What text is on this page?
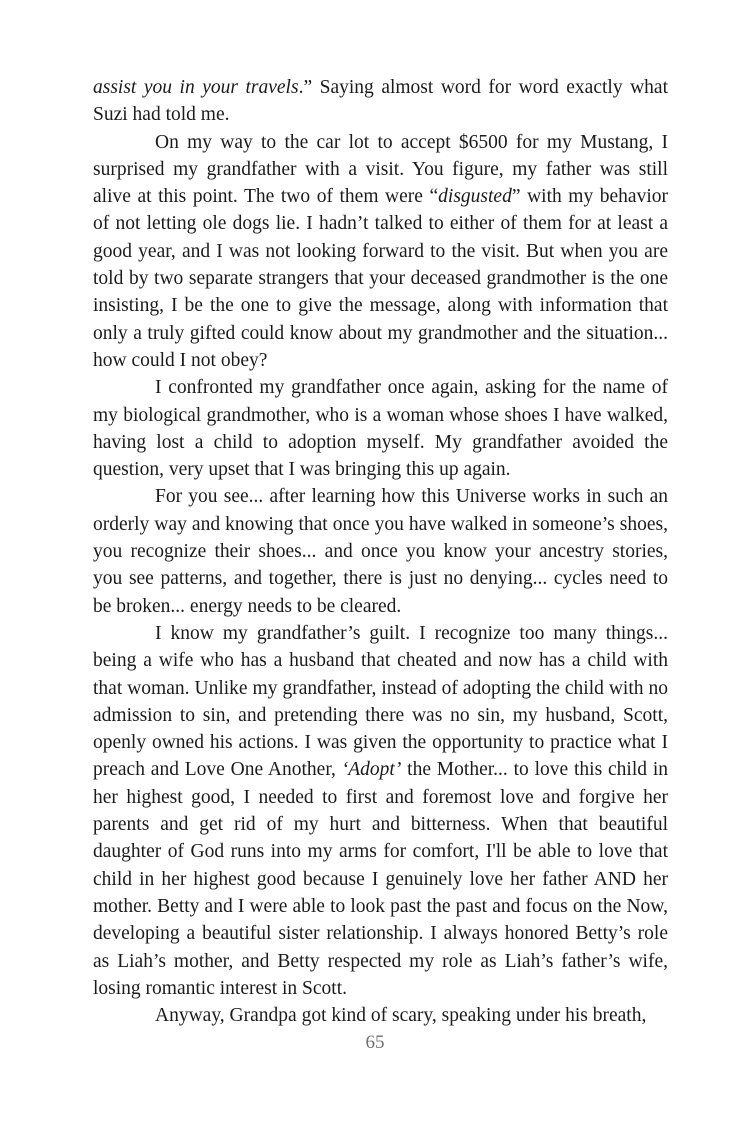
assist you in your travels.” Saying almost word for word exactly what Suzi had told me.

On my way to the car lot to accept $6500 for my Mustang, I surprised my grandfather with a visit. You figure, my father was still alive at this point. The two of them were “disgusted” with my behavior of not letting ole dogs lie. I hadn’t talked to either of them for at least a good year, and I was not looking forward to the visit. But when you are told by two separate strangers that your deceased grandmother is the one insisting, I be the one to give the message, along with information that only a truly gifted could know about my grandmother and the situation... how could I not obey?

I confronted my grandfather once again, asking for the name of my biological grandmother, who is a woman whose shoes I have walked, having lost a child to adoption myself. My grandfather avoided the question, very upset that I was bringing this up again.

For you see... after learning how this Universe works in such an orderly way and knowing that once you have walked in someone’s shoes, you recognize their shoes... and once you know your ancestry stories, you see patterns, and together, there is just no denying... cycles need to be broken... energy needs to be cleared.

I know my grandfather’s guilt. I recognize too many things... being a wife who has a husband that cheated and now has a child with that woman. Unlike my grandfather, instead of adopting the child with no admission to sin, and pretending there was no sin, my husband, Scott, openly owned his actions. I was given the opportunity to practice what I preach and Love One Another, ‘Adopt’ the Mother... to love this child in her highest good, I needed to first and foremost love and forgive her parents and get rid of my hurt and bitterness. When that beautiful daughter of God runs into my arms for comfort, I'll be able to love that child in her highest good because I genuinely love her father AND her mother. Betty and I were able to look past the past and focus on the Now, developing a beautiful sister relationship. I always honored Betty’s role as Liah’s mother, and Betty respected my role as Liah’s father’s wife, losing romantic interest in Scott.

Anyway, Grandpa got kind of scary, speaking under his breath,

65
